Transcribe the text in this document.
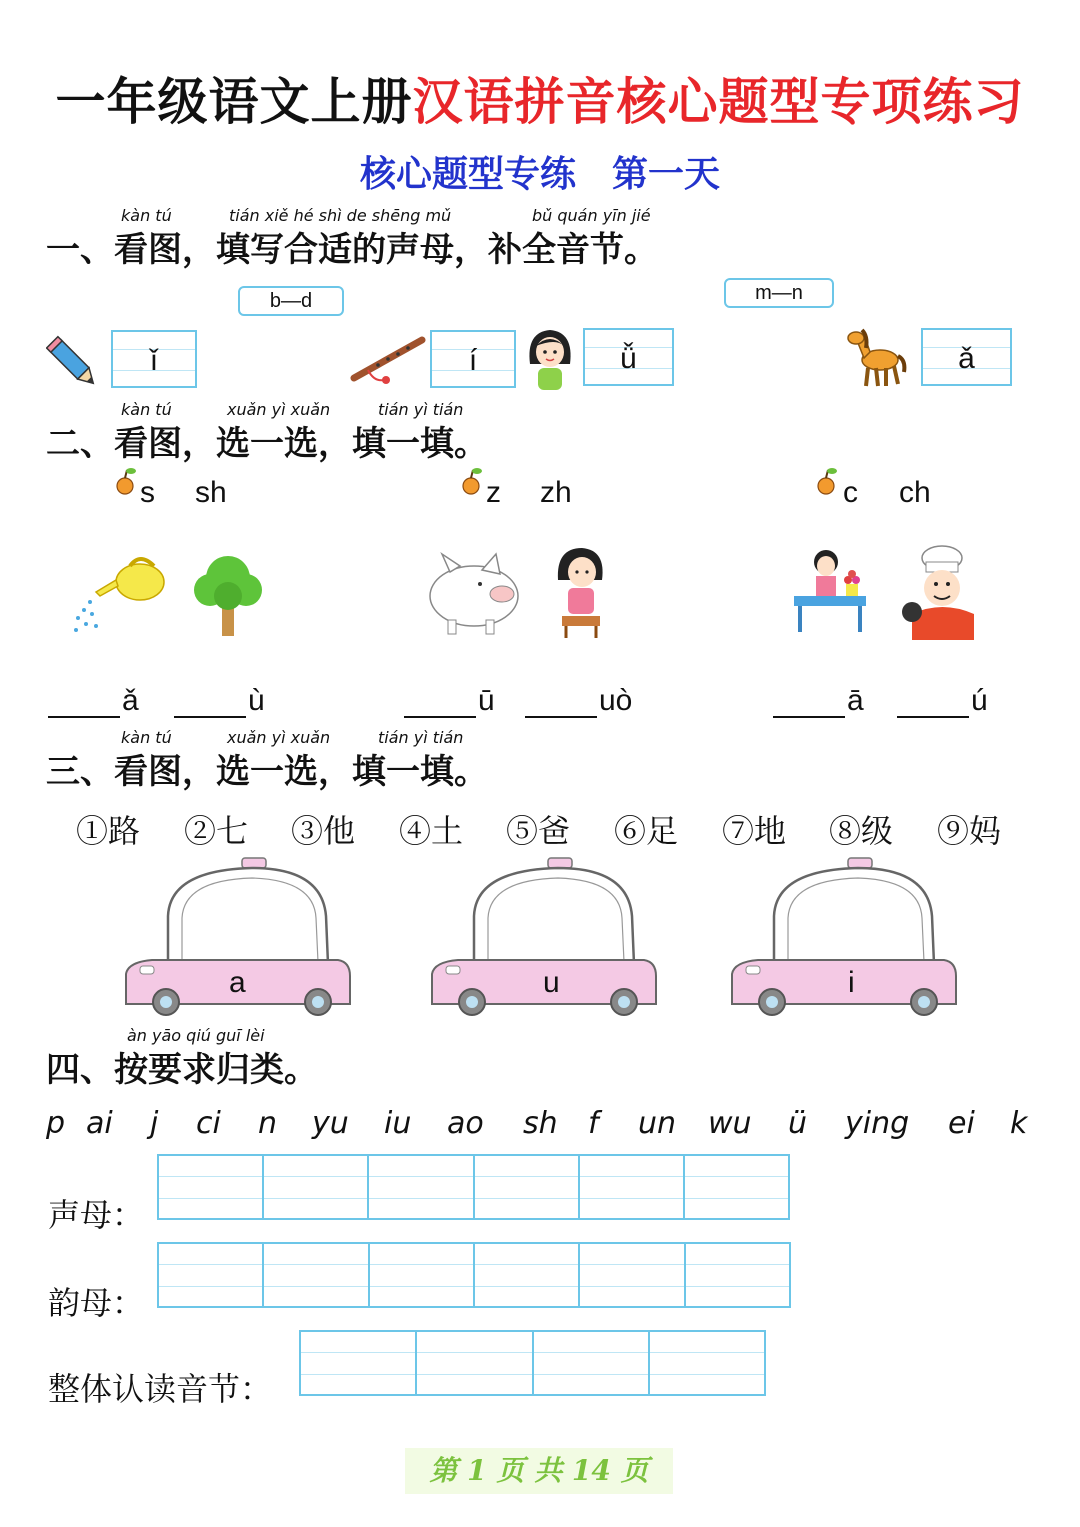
一年级语文上册汉语拼音核心题型专项练习
核心题型专练 第一天
kàn tú	tián xiě hé shì de shēng mǔ	bǔ quán yīn jié
一、看图，填写合适的声母，补全音节。
b—d	m—n
ǐ	í	ǚ	ǎ
kàn tú	xuǎn yì xuǎn	tián yì tián
二、看图，选一选，填一填。
s sh	z zh	c ch
ǎ	ù	ū	uò	ā	ú
kàn tú	xuǎn yì xuǎn	tián yì tián
三、看图，选一选，填一填。
①路 ②七 ③他 ④土 ⑤爸 ⑥足 ⑦地 ⑧级 ⑨妈
a	u	i
àn yāo qiú guī lèi
四、按要求归类。
p ai j ci n yu iu ao sh f un wu ü ying ei k
声母：
韵母：
整体认读音节：
第 1 页 共 14 页
